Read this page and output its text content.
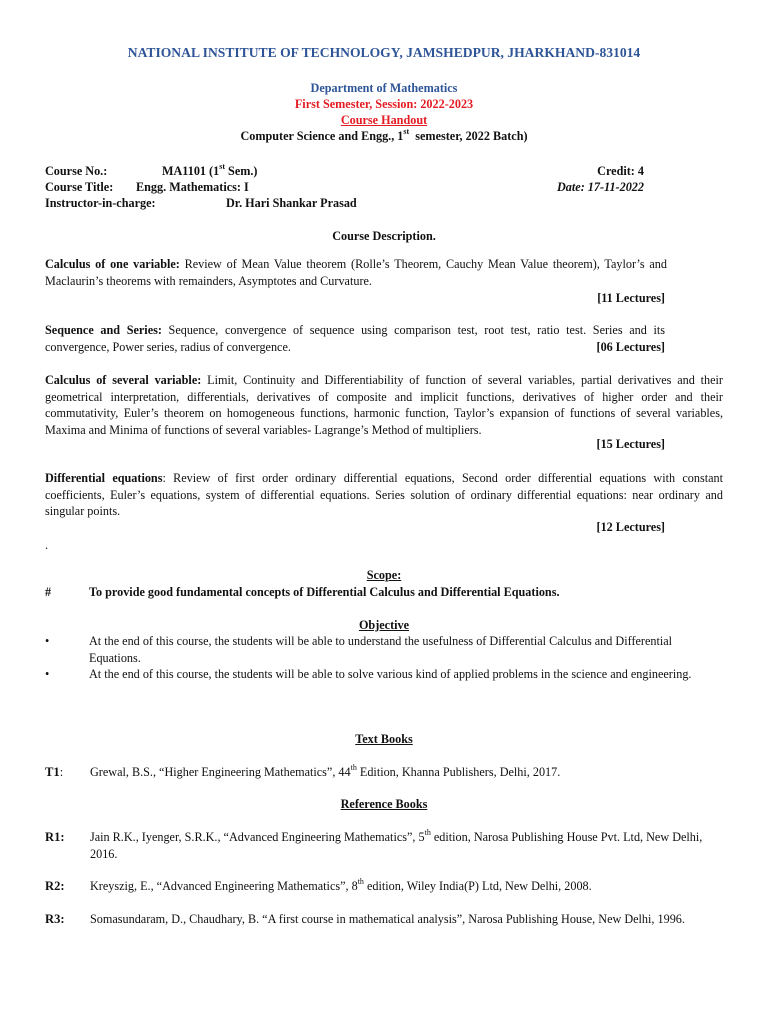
NATIONAL INSTITUTE OF TECHNOLOGY, JAMSHEDPUR, JHARKHAND-831014
Department of Mathematics
First Semester, Session: 2022-2023
Course Handout
Computer Science and Engg., 1st  semester, 2022 Batch)
Course No.:	MA1101 (1st Sem.)	Credit: 4
Course Title: Engg. Mathematics: I	Date: 17-11-2022
Instructor-in-charge:	Dr. Hari Shankar Prasad
Course Description.
Calculus of one variable: Review of Mean Value theorem (Rolle’s Theorem, Cauchy Mean Value theorem), Taylor’s and Maclaurin’s theorems with remainders, Asymptotes and Curvature.
[11 Lectures]
Sequence and Series: Sequence, convergence of sequence using comparison test, root test, ratio test. Series and its convergence, Power series, radius of convergence.	[06 Lectures]
Calculus of several variable: Limit, Continuity and Differentiability of function of several variables, partial derivatives and their geometrical interpretation, differentials, derivatives of composite and implicit functions, derivatives of higher order and their commutativity, Euler’s theorem on homogeneous functions, harmonic function, Taylor’s expansion of functions of several variables, Maxima and Minima of functions of several variables- Lagrange’s Method of multipliers.
[15 Lectures]
Differential equations: Review of first order ordinary differential equations, Second order differential equations with constant coefficients, Euler’s equations, system of differential equations. Series solution of ordinary differential equations: near ordinary and singular points.
[12 Lectures]
.
Scope:
#	To provide good fundamental concepts of Differential Calculus and Differential Equations.
Objective
•	At the end of this course, the students will be able to understand the usefulness of Differential Calculus and Differential Equations.
•	At the end of this course, the students will be able to solve various kind of applied problems in the science and engineering.
Text Books
T1: Grewal, B.S., “Higher Engineering Mathematics”, 44th Edition, Khanna Publishers, Delhi, 2017.
Reference Books
R1:	Jain R.K., Iyenger, S.R.K., “Advanced Engineering Mathematics”, 5th edition, Narosa Publishing House Pvt. Ltd, New Delhi, 2016.
R2:	Kreyszig, E., “Advanced Engineering Mathematics”, 8th edition, Wiley India(P) Ltd, New Delhi, 2008.
R3:	Somasundaram, D., Chaudhary, B. “A first course in mathematical analysis”, Narosa Publishing House, New Delhi, 1996.
